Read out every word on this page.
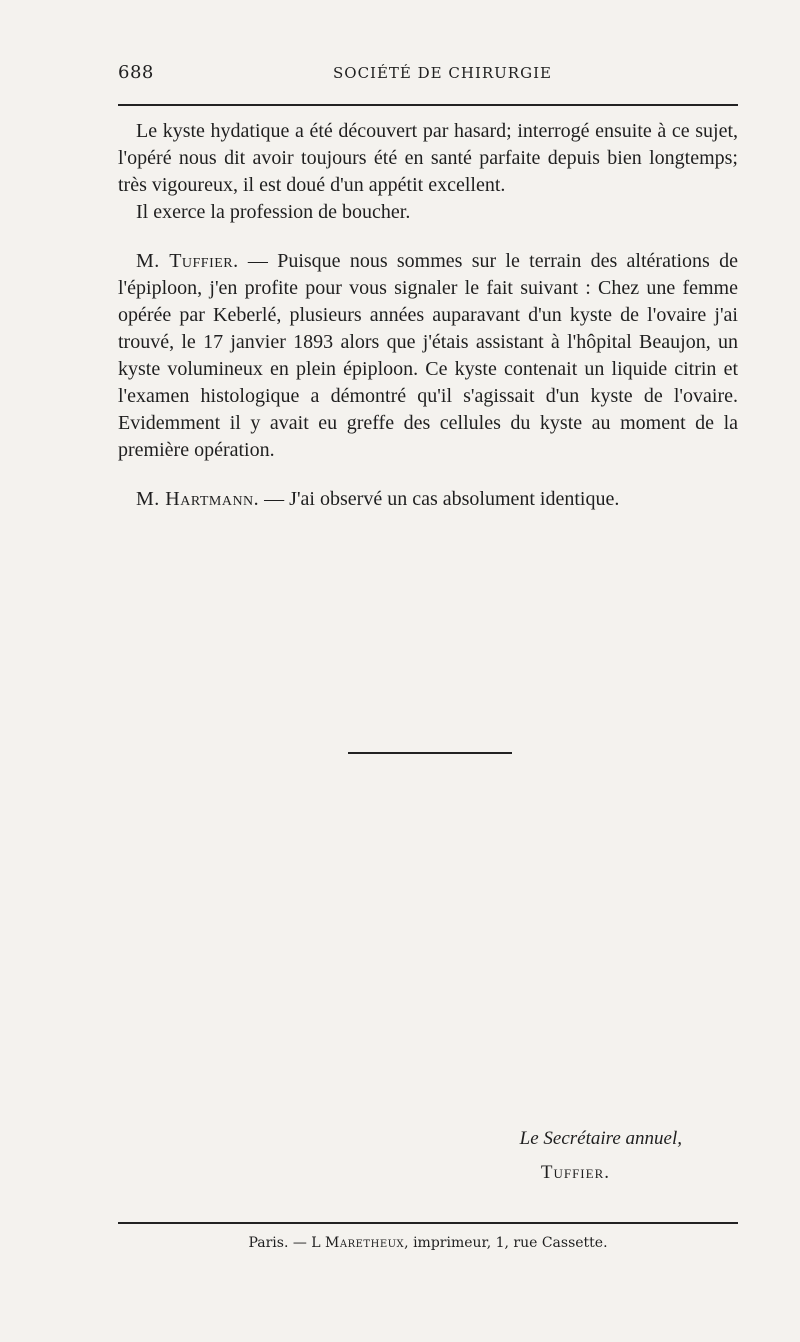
688	SOCIÉTÉ DE CHIRURGIE

Le kyste hydatique a été découvert par hasard; interrogé ensuite à ce sujet, l'opéré nous dit avoir toujours été en santé parfaite depuis bien longtemps; très vigoureux, il est doué d'un appétit excellent.

Il exerce la profession de boucher.

M. Tuffier. — Puisque nous sommes sur le terrain des altérations de l'épiploon, j'en profite pour vous signaler le fait suivant : Chez une femme opérée par Keberlé, plusieurs années auparavant d'un kyste de l'ovaire j'ai trouvé, le 17 janvier 1893 alors que j'étais assistant à l'hôpital Beaujon, un kyste volumineux en plein épiploon. Ce kyste contenait un liquide citrin et l'examen histologique a démontré qu'il s'agissait d'un kyste de l'ovaire. Evidemment il y avait eu greffe des cellules du kyste au moment de la première opération.

M. Hartmann. — J'ai observé un cas absolument identique.

Le Secrétaire annuel,
Tuffier.
Paris. — L Maretheux, imprimeur, 1, rue Cassette.
